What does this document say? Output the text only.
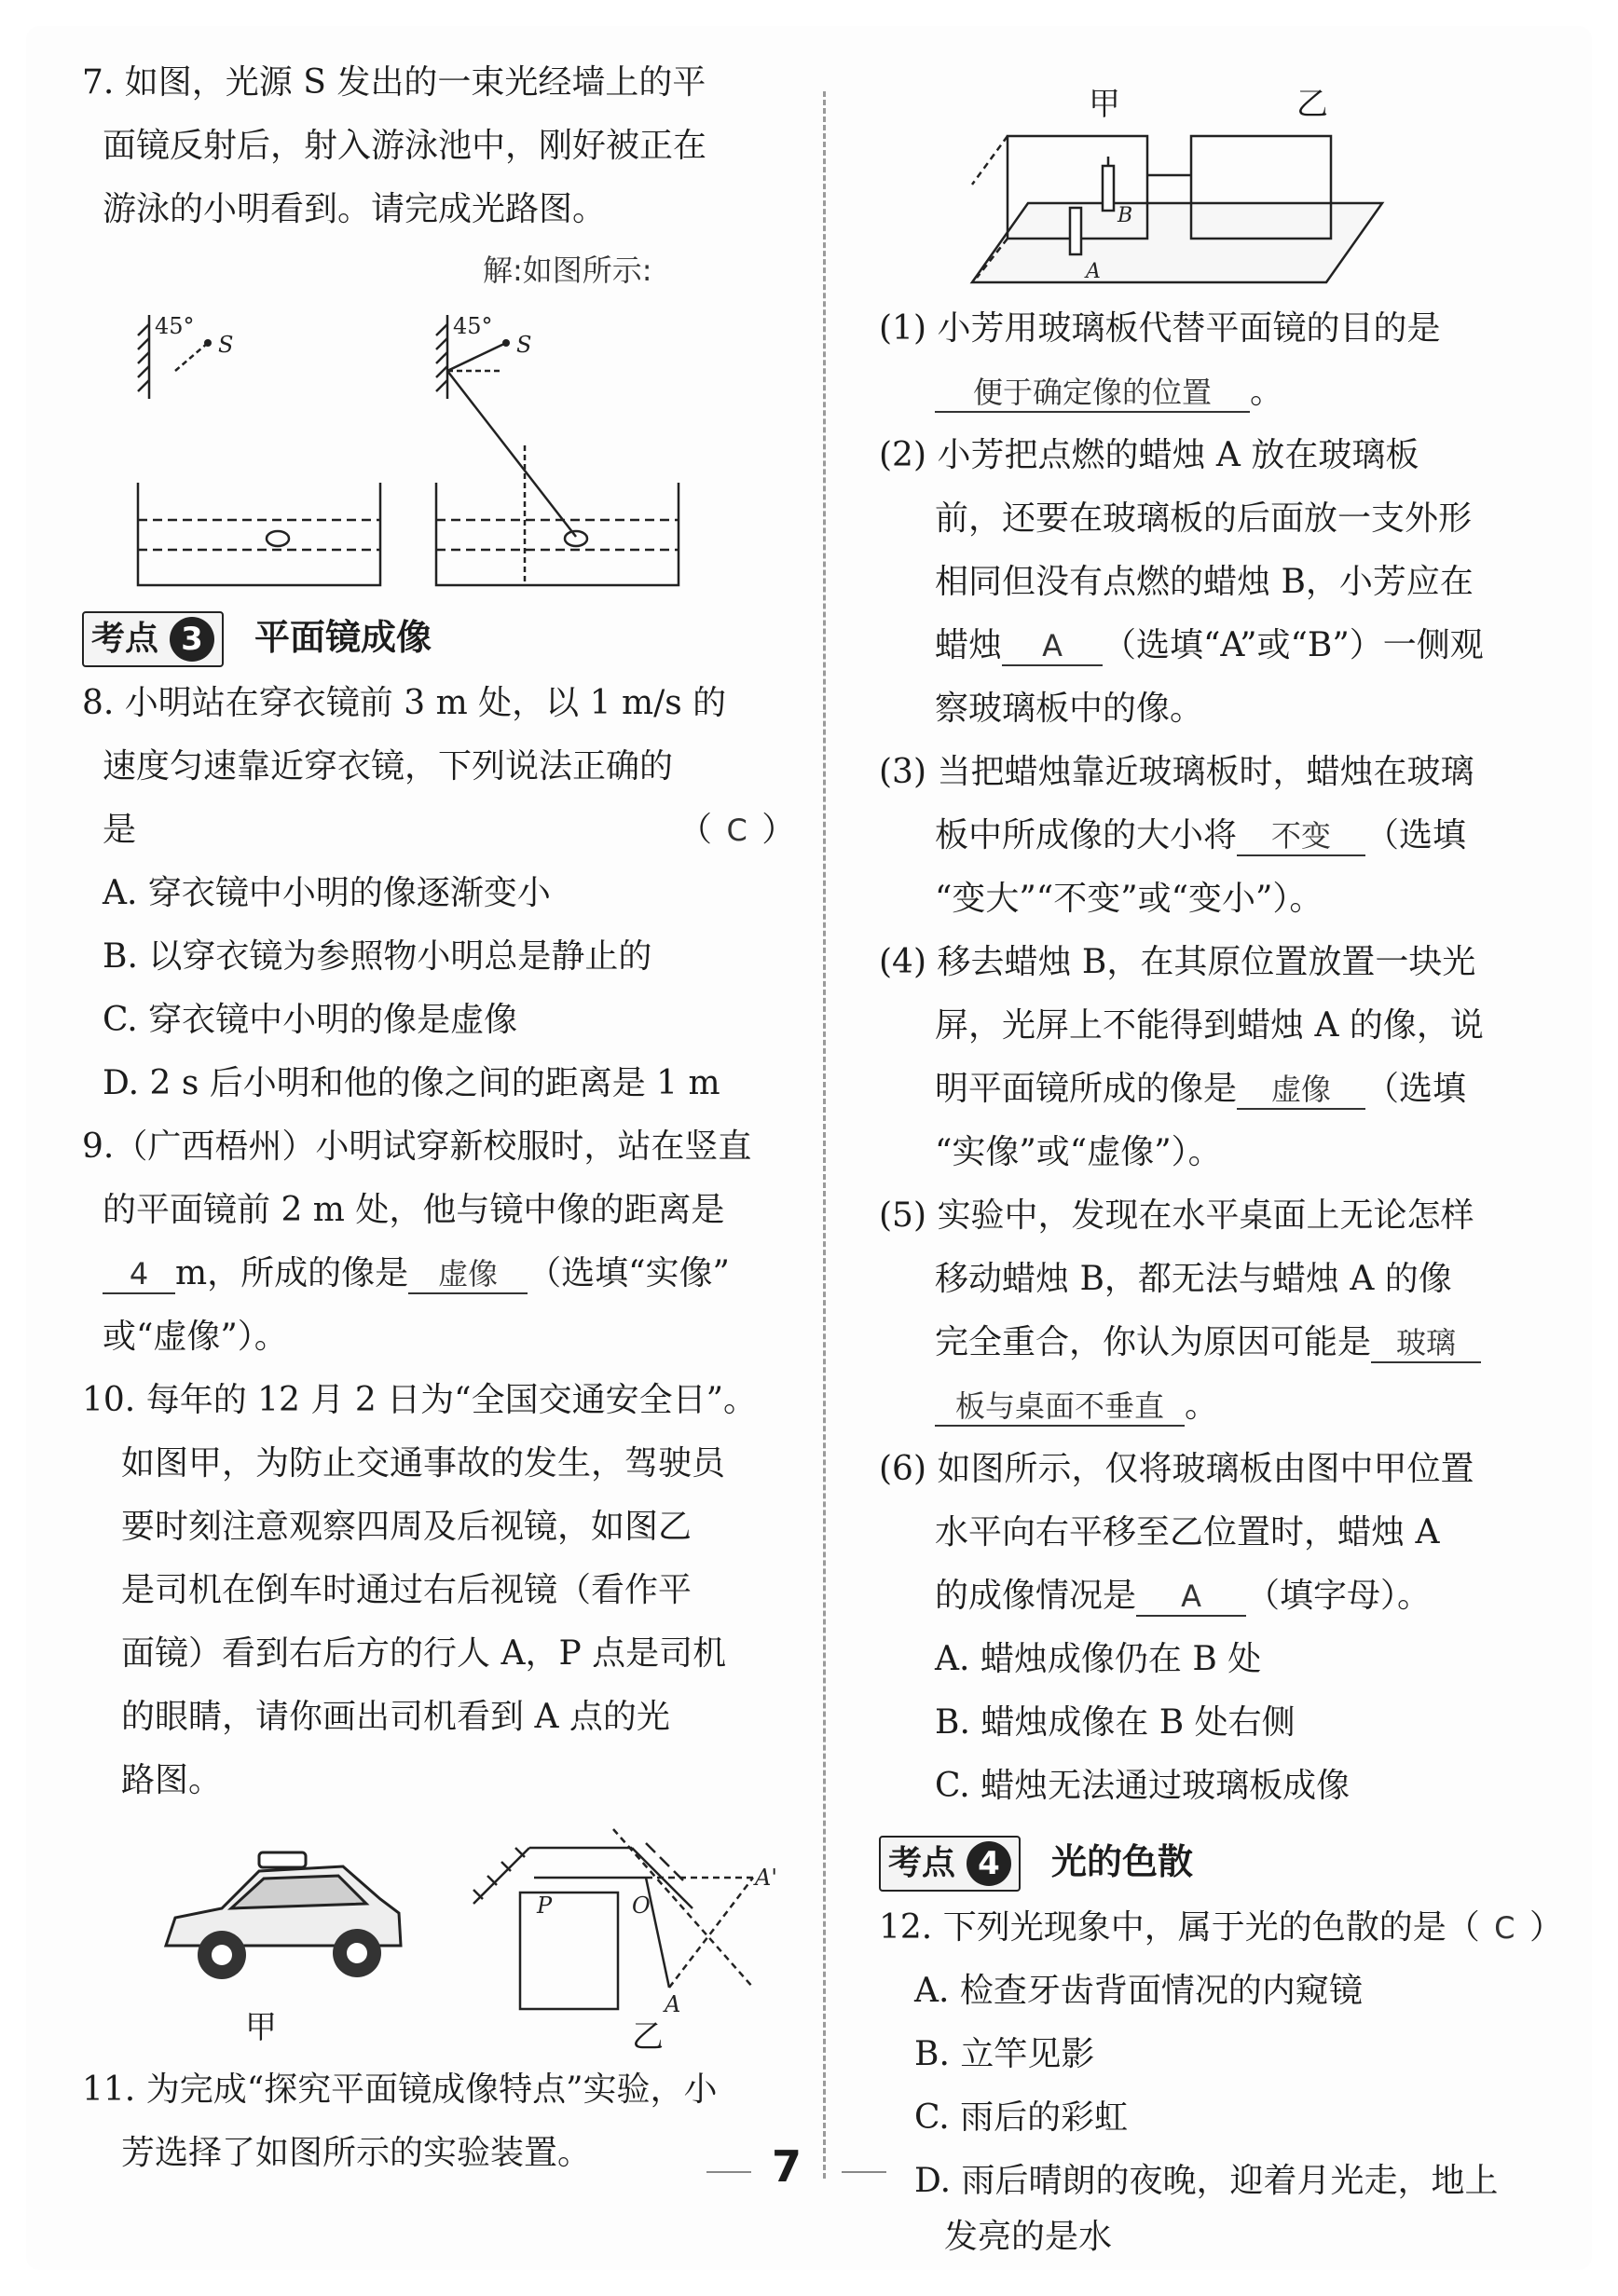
7. 如图，光源 S 发出的一束光经墙上的平
面镜反射后，射入游泳池中，刚好被正在
游泳的小明看到。请完成光路图。
解:如图所示:
45°
S
45°
S
考点 3	平面镜成像
8. 小明站在穿衣镜前 3 m 处，以 1 m/s 的
速度匀速靠近穿衣镜，下列说法正确的
是	（ C ）
A. 穿衣镜中小明的像逐渐变小
B. 以穿衣镜为参照物小明总是静止的
C. 穿衣镜中小明的像是虚像
D. 2 s 后小明和他的像之间的距离是 1 m
9.（广西梧州）小明试穿新校服时，站在竖直
的平面镜前 2 m 处，他与镜中像的距离是
4 m，所成的像是 虚像 （选填“实像”
或“虚像”）。
10. 每年的 12 月 2 日为“全国交通安全日”。
如图甲，为防止交通事故的发生，驾驶员
要时刻注意观察四周及后视镜，如图乙
是司机在倒车时通过右后视镜（看作平
面镜）看到右后方的行人 A，P 点是司机
的眼睛，请你画出司机看到 A 点的光
路图。
甲
P	O
A'
A
乙
11. 为完成“探究平面镜成像特点”实验，小
芳选择了如图所示的实验装置。	7
甲	乙
A
B
(1) 小芳用玻璃板代替平面镜的目的是
便于确定像的位置 。
(2) 小芳把点燃的蜡烛 A 放在玻璃板
前，还要在玻璃板的后面放一支外形
相同但没有点燃的蜡烛 B，小芳应在
蜡烛 A （选填“A”或“B”）一侧观
察玻璃板中的像。
(3) 当把蜡烛靠近玻璃板时，蜡烛在玻璃
板中所成像的大小将 不变 （选填
“变大”“不变”或“变小”）。
(4) 移去蜡烛 B，在其原位置放置一块光
屏，光屏上不能得到蜡烛 A 的像，说
明平面镜所成的像是 虚像 （选填
“实像”或“虚像”）。
(5) 实验中，发现在水平桌面上无论怎样
移动蜡烛 B，都无法与蜡烛 A 的像
完全重合，你认为原因可能是 玻璃
板与桌面不垂直 。
(6) 如图所示，仅将玻璃板由图中甲位置
水平向右平移至乙位置时，蜡烛 A
的成像情况是 A （填字母）。
A. 蜡烛成像仍在 B 处
B. 蜡烛成像在 B 处右侧
C. 蜡烛无法通过玻璃板成像
考点 4	光的色散
12. 下列光现象中，属于光的色散的是（ C ）
A. 检查牙齿背面情况的内窥镜
B. 立竿见影
C. 雨后的彩虹
D. 雨后晴朗的夜晚，迎着月光走，地上
发亮的是水
